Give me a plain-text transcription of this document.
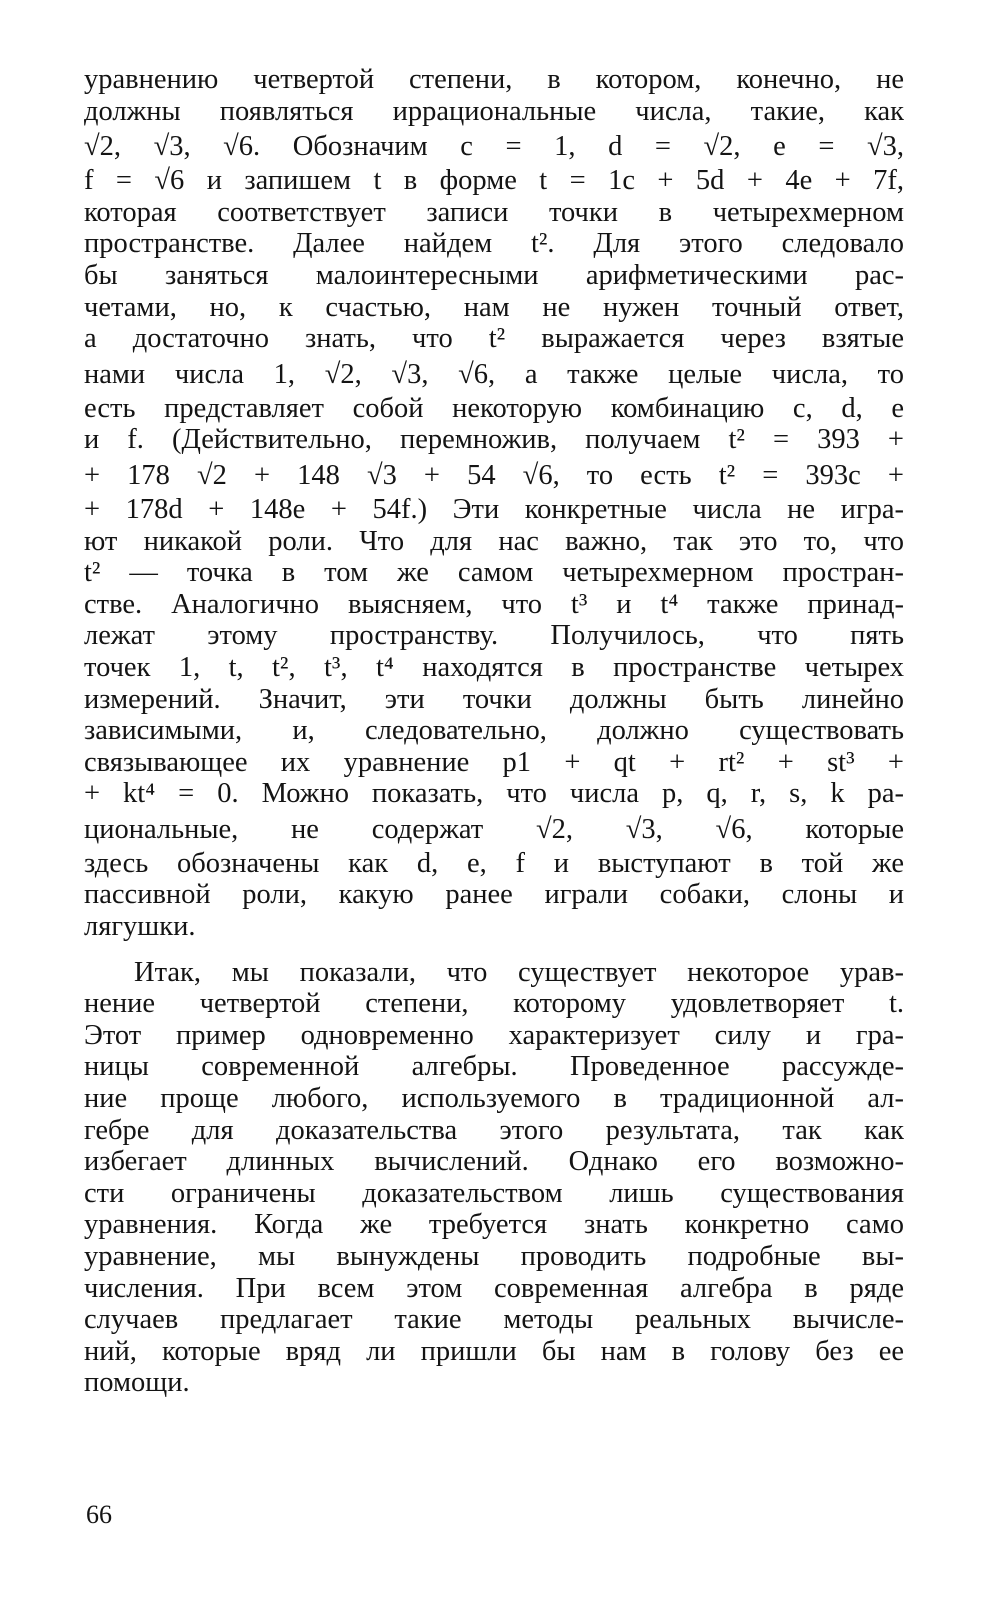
уравнению четвертой степени, в котором, конечно, не
должны появляться иррациональные числа, такие, как
√2, √3, √6. Обозначим c = 1, d = √2, e = √3,
f = √6 и запишем t в форме t = 1c + 5d + 4e + 7f,
которая соответствует записи точки в четырехмерном
пространстве. Далее найдем t². Для этого следовало
бы заняться малоинтересными арифметическими рас-
четами, но, к счастью, нам не нужен точный ответ,
а достаточно знать, что t² выражается через взятые
нами числа 1, √2, √3, √6, а также целые числа, то
есть представляет собой некоторую комбинацию c, d, e
и f. (Действительно, перемножив, получаем t² = 393 +
+ 178 √2 + 148 √3 + 54 √6, то есть t² = 393c +
+ 178d + 148e + 54f.) Эти конкретные числа не игра-
ют никакой роли. Что для нас важно, так это то, что
t² — точка в том же самом четырехмерном простран-
стве. Аналогично выясняем, что t³ и t⁴ также принад-
лежат этому пространству. Получилось, что пять
точек 1, t, t², t³, t⁴ находятся в пространстве четырех
измерений. Значит, эти точки должны быть линейно
зависимыми, и, следовательно, должно существовать
связывающее их уравнение p1 + qt + rt² + st³ +
+ kt⁴ = 0. Можно показать, что числа p, q, r, s, k ра-
циональные, не содержат √2, √3, √6, которые
здесь обозначены как d, e, f и выступают в той же
пассивной роли, какую ранее играли собаки, слоны и
лягушки.
Итак, мы показали, что существует некоторое урав-
нение четвертой степени, которому удовлетворяет t.
Этот пример одновременно характеризует силу и гра-
ницы современной алгебры. Проведенное рассужде-
ние проще любого, используемого в традиционной ал-
гебре для доказательства этого результата, так как
избегает длинных вычислений. Однако его возможно-
сти ограничены доказательством лишь существования
уравнения. Когда же требуется знать конкретно само
уравнение, мы вынуждены проводить подробные вы-
числения. При всем этом современная алгебра в ряде
случаев предлагает такие методы реальных вычисле-
ний, которые вряд ли пришли бы нам в голову без ее
помощи.
66
